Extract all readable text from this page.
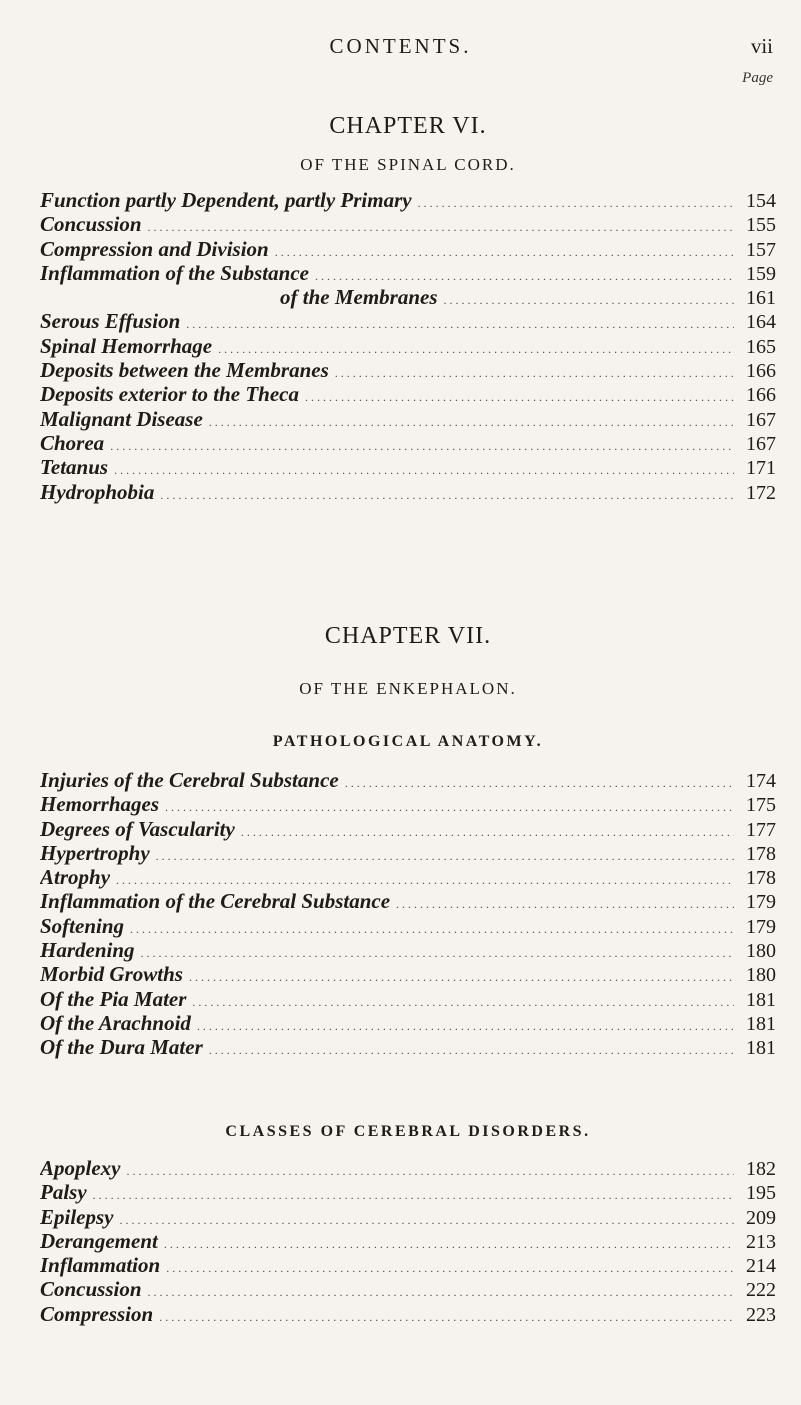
CONTENTS.	vii
Page
CHAPTER VI.
OF THE SPINAL CORD.
Function partly Dependent, partly Primary .....	154
Concussion .....	155
Compression and Division .....	157
Inflammation of the Substance .....	159
of the Membranes .....	161
Serous Effusion .....	164
Spinal Hemorrhage .....	165
Deposits between the Membranes .....	166
Deposits exterior to the Theca .....	166
Malignant Disease .....	167
Chorea .....	167
Tetanus .....	171
Hydrophobia .....	172
CHAPTER VII.
OF THE ENKEPHALON.
PATHOLOGICAL ANATOMY.
Injuries of the Cerebral Substance .....	174
Hemorrhages .....	175
Degrees of Vascularity .....	177
Hypertrophy .....	178
Atrophy .....	178
Inflammation of the Cerebral Substance .....	179
Softening .....	179
Hardening .....	180
Morbid Growths .....	180
Of the Pia Mater .....	181
Of the Arachnoid .....	181
Of the Dura Mater .....	181
CLASSES OF CEREBRAL DISORDERS.
Apoplexy .....	182
Palsy .....	195
Epilepsy .....	209
Derangement .....	213
Inflammation .....	214
Concussion .....	222
Compression .....	223
